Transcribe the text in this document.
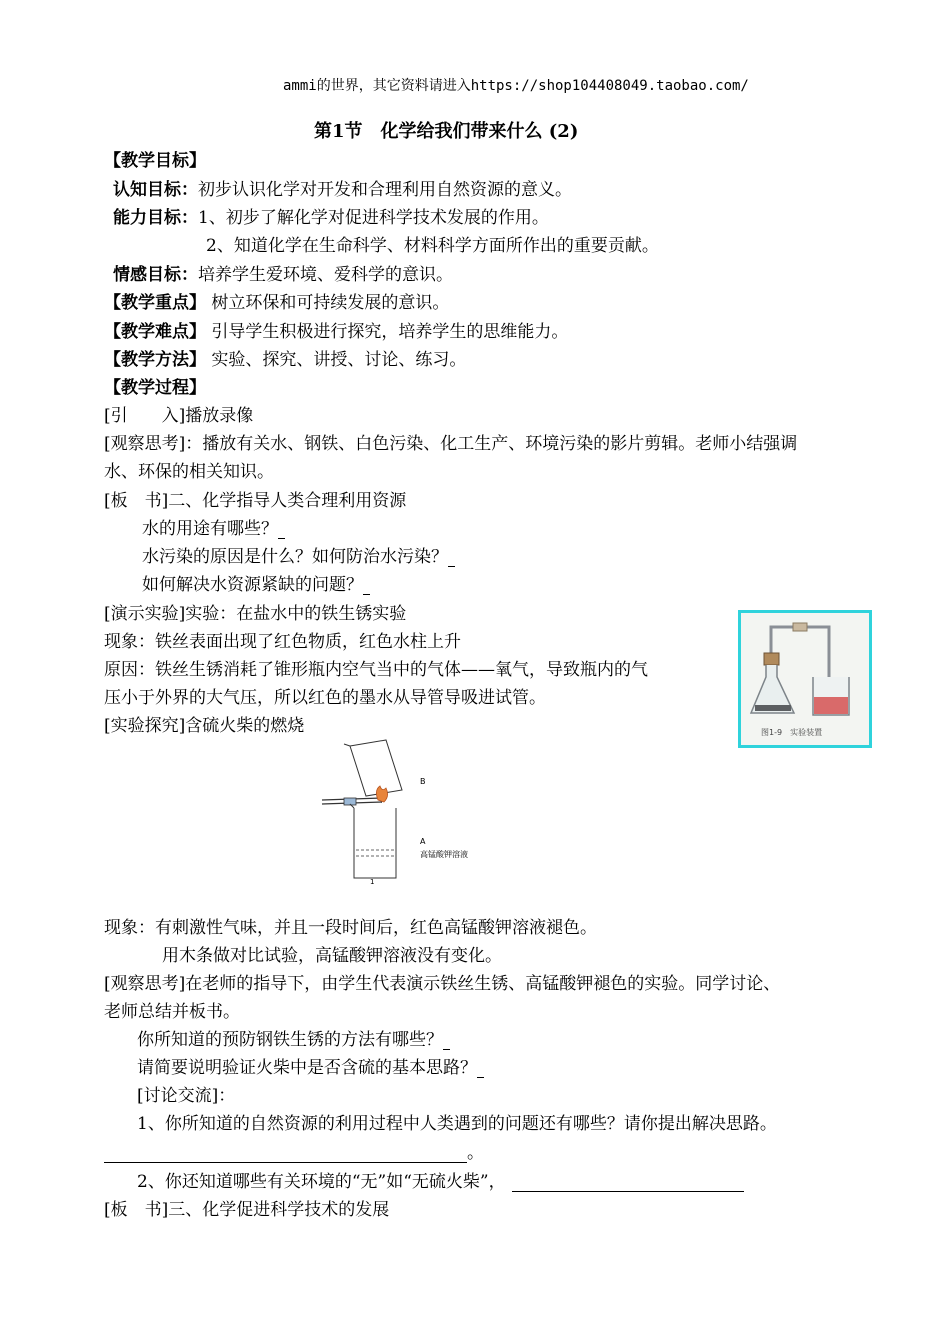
ammi的世界，其它资料请进入https://shop104408049.taobao.com/
第1节　化学给我们带来什么 (2)
【教学目标】
认知目标：初步认识化学对开发和合理利用自然资源的意义。
能力目标：1、初步了解化学对促进科学技术发展的作用。
2、知道化学在生命科学、材料科学方面所作出的重要贡献。
情感目标：培养学生爱环境、爱科学的意识。
【教学重点】 树立环保和可持续发展的意识。
【教学难点】 引导学生积极进行探究，培养学生的思维能力。
【教学方法】 实验、探究、讲授、讨论、练习。
【教学过程】
[引　　入]播放录像
[观察思考]：播放有关水、钢铁、白色污染、化工生产、环境污染的影片剪辑。老师小结强调
水、环保的相关知识。
[板　书]二、化学指导人类合理利用资源
水的用途有哪些？
水污染的原因是什么？如何防治水污染？
如何解决水资源紧缺的问题？
[演示实验]实验：在盐水中的铁生锈实验
现象：铁丝表面出现了红色物质，红色水柱上升
原因：铁丝生锈消耗了锥形瓶内空气当中的气体——氧气，导致瓶内的气
压小于外界的大气压，所以红色的墨水从导管导吸进试管。
[实验探究]含硫火柴的燃烧	图1-9　实验装置
B
A
高锰酸钾溶液
1
现象：有刺激性气味，并且一段时间后，红色高锰酸钾溶液褪色。
用木条做对比试验，高锰酸钾溶液没有变化。
[观察思考]在老师的指导下，由学生代表演示铁丝生锈、高锰酸钾褪色的实验。同学讨论、
老师总结并板书。
你所知道的预防钢铁生锈的方法有哪些？
请简要说明验证火柴中是否含硫的基本思路？
[讨论交流]：
1、你所知道的自然资源的利用过程中人类遇到的问题还有哪些？请你提出解决思路。
。
2、你还知道哪些有关环境的“无”如“无硫火柴”，
[板　书]三、化学促进科学技术的发展
